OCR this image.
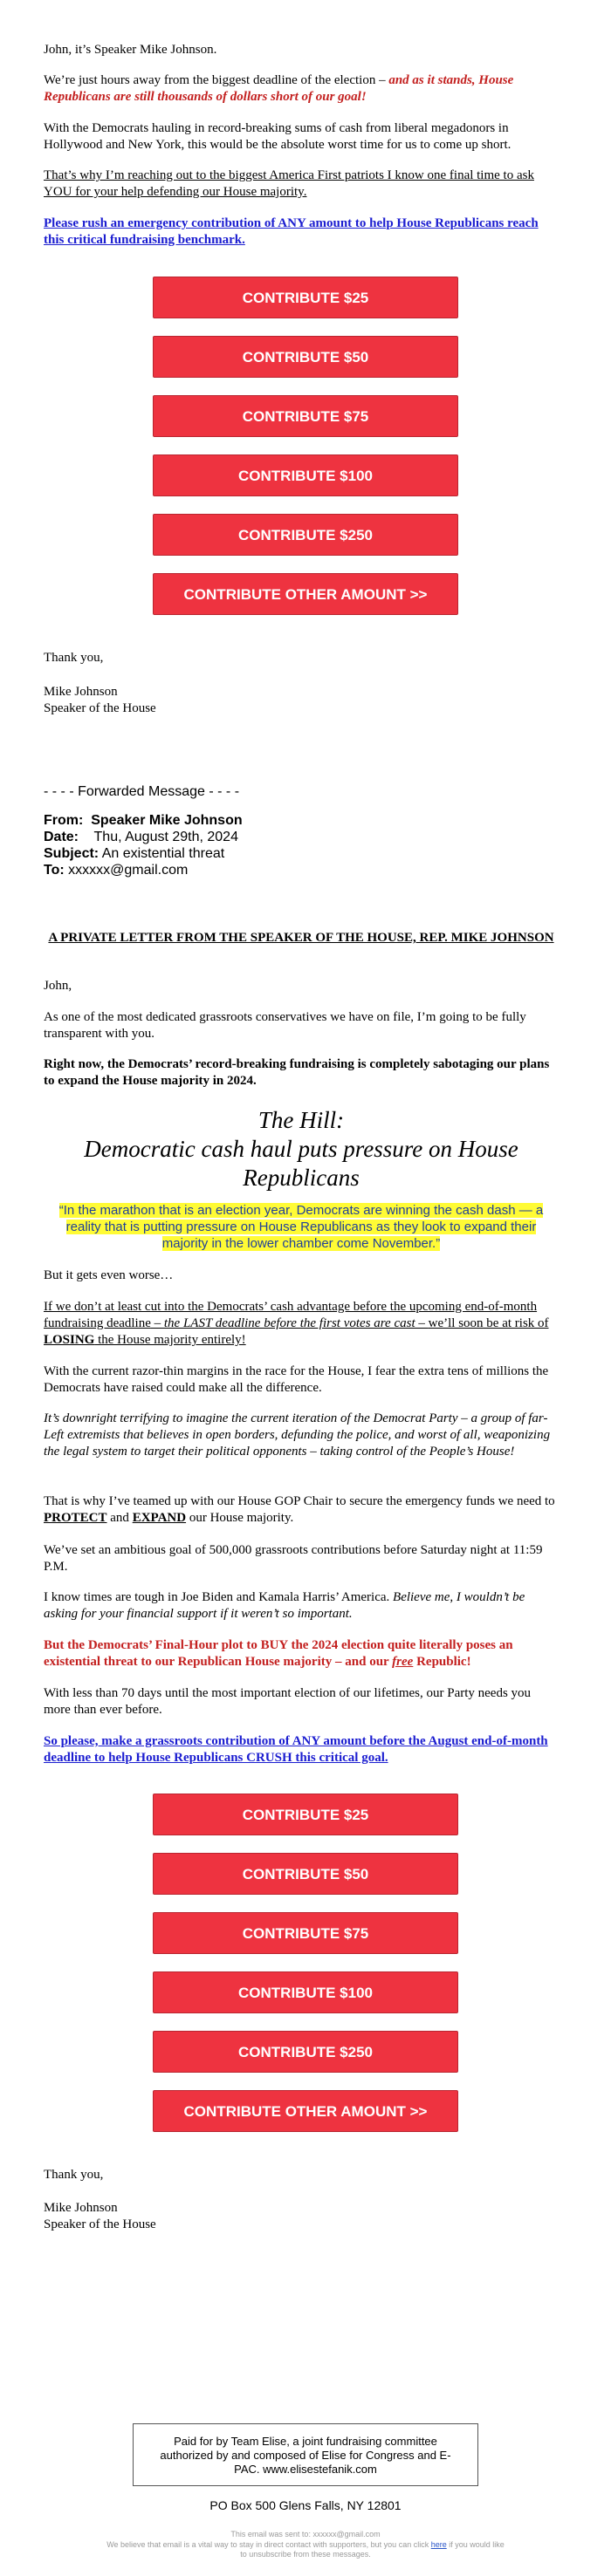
John, it’s Speaker Mike Johnson.

We’re just hours away from the biggest deadline of the election – and as it stands, House Republicans are still thousands of dollars short of our goal!

With the Democrats hauling in record-breaking sums of cash from liberal megadonors in Hollywood and New York, this would be the absolute worst time for us to come up short.

That’s why I’m reaching out to the biggest America First patriots I know one final time to ask YOU for your help defending our House majority.

Please rush an emergency contribution of ANY amount to help House Republicans reach this critical fundraising benchmark.

CONTRIBUTE $25
CONTRIBUTE $50
CONTRIBUTE $75
CONTRIBUTE $100
CONTRIBUTE $250
CONTRIBUTE OTHER AMOUNT >>

Thank you,

Mike Johnson

Speaker of the House

- - - - Forwarded Message - - - -

From: Speaker Mike Johnson
Date: Thu, August 29th, 2024
Subject: An existential threat
To: xxxxxx@gmail.com

A PRIVATE LETTER FROM THE SPEAKER OF THE HOUSE, REP. MIKE JOHNSON

John,

As one of the most dedicated grassroots conservatives we have on file, I’m going to be fully transparent with you.

Right now, the Democrats’ record-breaking fundraising is completely sabotaging our plans to expand the House majority in 2024.

The Hill:
Democratic cash haul puts pressure on House Republicans

“In the marathon that is an election year, Democrats are winning the cash dash — a reality that is putting pressure on House Republicans as they look to expand their majority in the lower chamber come November.”

But it gets even worse…

If we don’t at least cut into the Democrats’ cash advantage before the upcoming end-of-month fundraising deadline – the LAST deadline before the first votes are cast – we’ll soon be at risk of LOSING the House majority entirely!

With the current razor-thin margins in the race for the House, I fear the extra tens of millions the Democrats have raised could make all the difference.

It’s downright terrifying to imagine the current iteration of the Democrat Party – a group of far-Left extremists that believes in open borders, defunding the police, and worst of all, weaponizing the legal system to target their political opponents – taking control of the People’s House!

That is why I’ve teamed up with our House GOP Chair to secure the emergency funds we need to PROTECT and EXPAND our House majority.

We’ve set an ambitious goal of 500,000 grassroots contributions before Saturday night at 11:59 P.M.

I know times are tough in Joe Biden and Kamala Harris’ America. Believe me, I wouldn’t be asking for your financial support if it weren’t so important.

But the Democrats’ Final-Hour plot to BUY the 2024 election quite literally poses an existential threat to our Republican House majority – and our free Republic!

With less than 70 days until the most important election of our lifetimes, our Party needs you more than ever before.

So please, make a grassroots contribution of ANY amount before the August end-of-month deadline to help House Republicans CRUSH this critical goal.

CONTRIBUTE $25
CONTRIBUTE $50
CONTRIBUTE $75
CONTRIBUTE $100
CONTRIBUTE $250
CONTRIBUTE OTHER AMOUNT >>

Thank you,

Mike Johnson

Speaker of the House

Paid for by Team Elise, a joint fundraising committee authorized by and composed of Elise for Congress and E-PAC. www.elisestefanik.com

PO Box 500 Glens Falls, NY 12801

This email was sent to: xxxxxx@gmail.com

We believe that email is a vital way to stay in direct contact with supporters, but you can click here if you would like to unsubscribe from these messages.
